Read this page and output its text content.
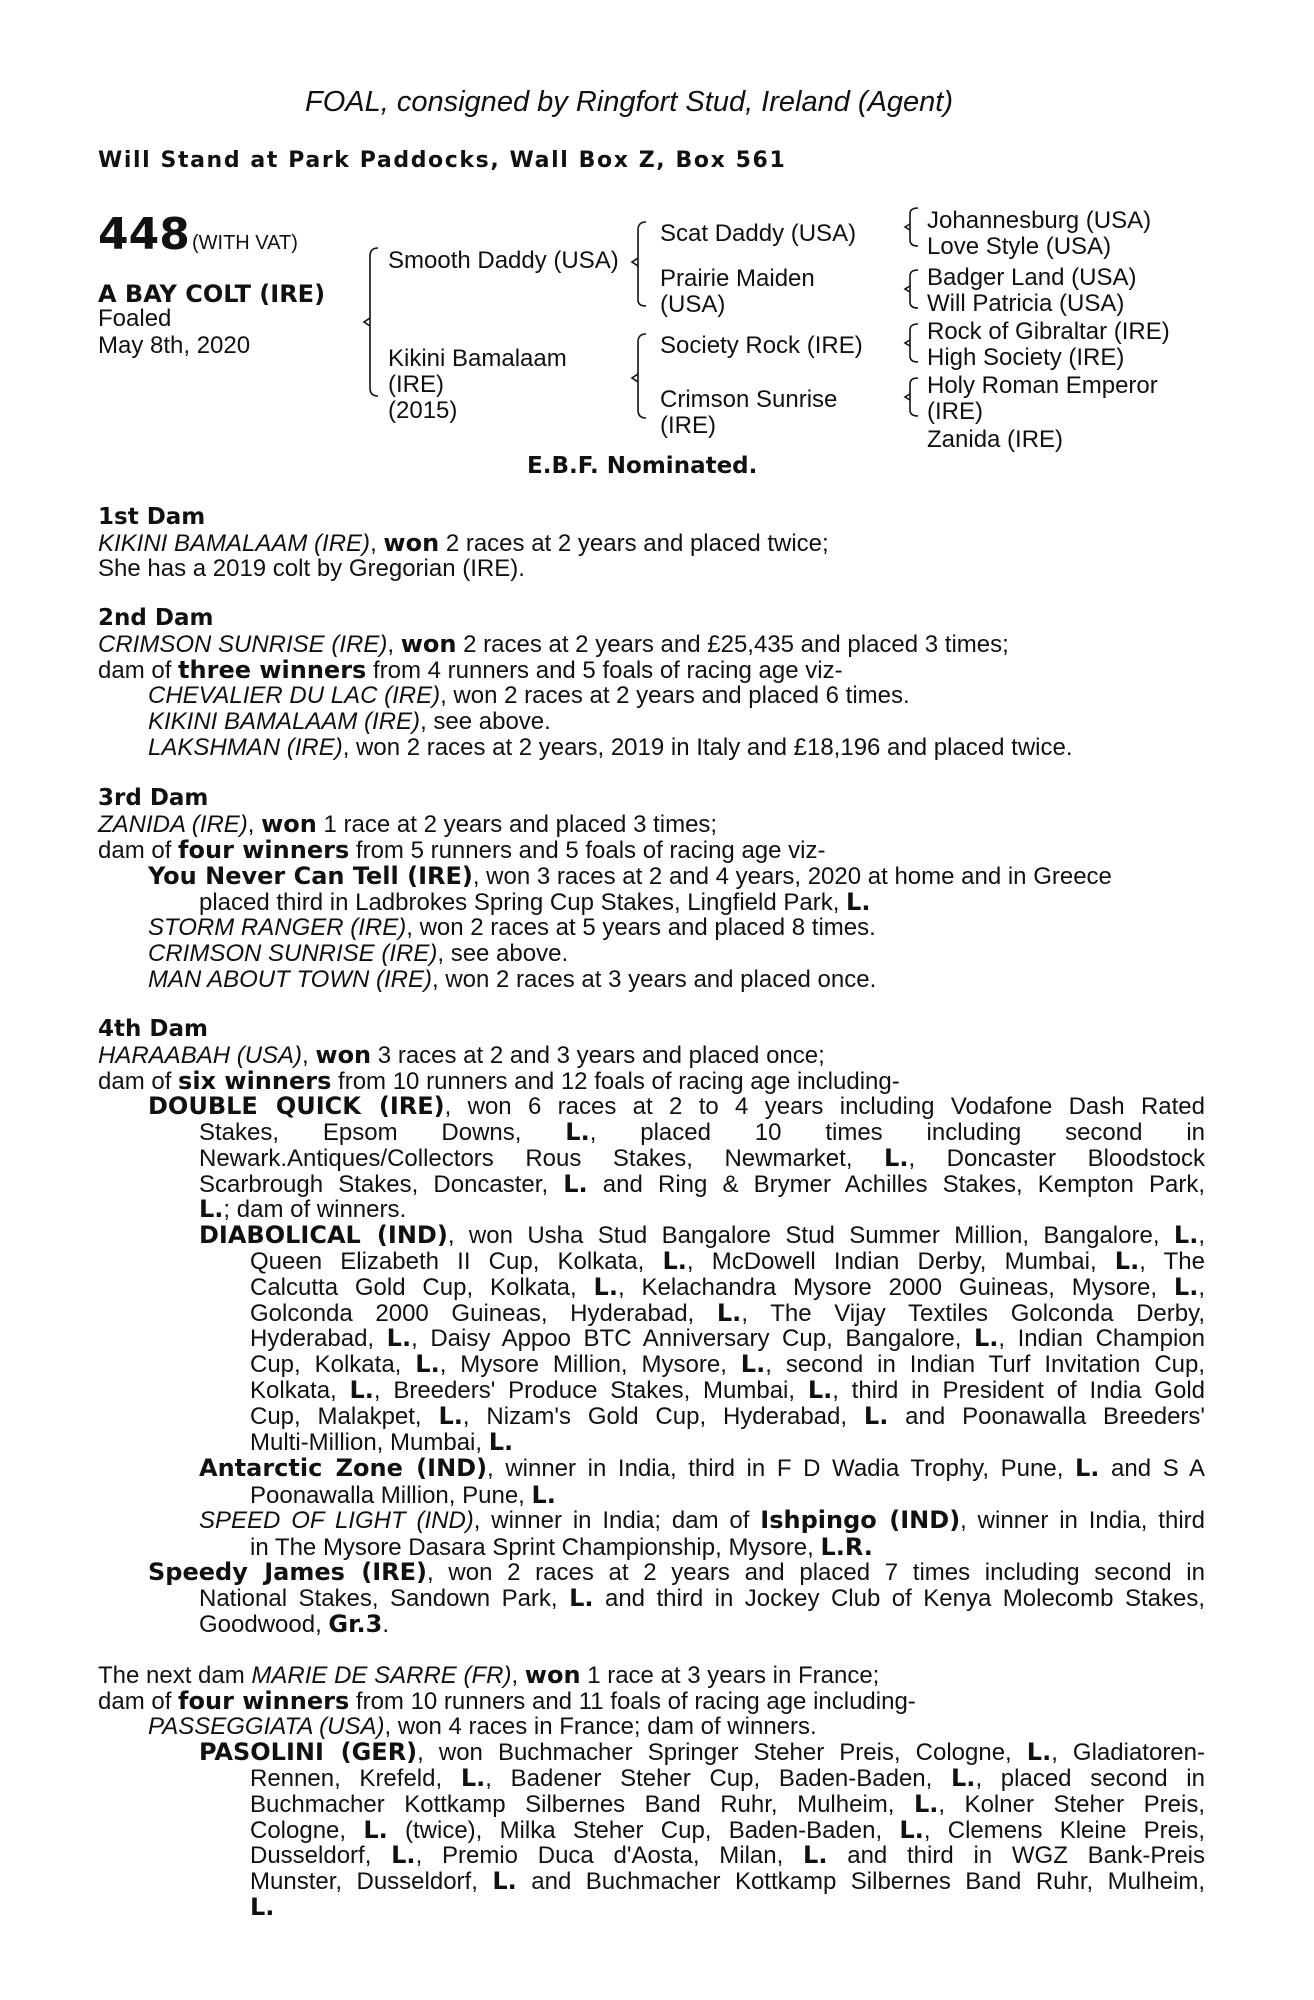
FOAL, consigned by Ringfort Stud, Ireland (Agent)
Will Stand at Park Paddocks, Wall Box Z, Box 561
448 (WITH VAT)
A BAY COLT (IRE)
Foaled
May 8th, 2020
Smooth Daddy (USA)
Kikini Bamalaam
(IRE)
(2015)
Scat Daddy (USA)
Prairie Maiden
(USA)
Society Rock (IRE)
Crimson Sunrise
(IRE)
Johannesburg (USA)
Love Style (USA)
Badger Land (USA)
Will Patricia (USA)
Rock of Gibraltar (IRE)
High Society (IRE)
Holy Roman Emperor
(IRE)
Zanida (IRE)
E.B.F. Nominated.
1st Dam
KIKINI BAMALAAM (IRE), won 2 races at 2 years and placed twice;
She has a 2019 colt by Gregorian (IRE).
2nd Dam
CRIMSON SUNRISE (IRE), won 2 races at 2 years and £25,435 and placed 3 times;
dam of three winners from 4 runners and 5 foals of racing age viz-
CHEVALIER DU LAC (IRE), won 2 races at 2 years and placed 6 times.
KIKINI BAMALAAM (IRE), see above.
LAKSHMAN (IRE), won 2 races at 2 years, 2019 in Italy and £18,196 and placed twice.
3rd Dam
ZANIDA (IRE), won 1 race at 2 years and placed 3 times;
dam of four winners from 5 runners and 5 foals of racing age viz-
You Never Can Tell (IRE), won 3 races at 2 and 4 years, 2020 at home and in Greece
placed third in Ladbrokes Spring Cup Stakes, Lingfield Park, L.
STORM RANGER (IRE), won 2 races at 5 years and placed 8 times.
CRIMSON SUNRISE (IRE), see above.
MAN ABOUT TOWN (IRE), won 2 races at 3 years and placed once.
4th Dam
HARAABAH (USA), won 3 races at 2 and 3 years and placed once;
dam of six winners from 10 runners and 12 foals of racing age including-
DOUBLE QUICK (IRE), won 6 races at 2 to 4 years including Vodafone Dash Rated
Stakes, Epsom Downs, L., placed 10 times including second in
Newark.Antiques/Collectors Rous Stakes, Newmarket, L., Doncaster Bloodstock
Scarbrough Stakes, Doncaster, L. and Ring & Brymer Achilles Stakes, Kempton Park,
L.; dam of winners.
DIABOLICAL (IND), won Usha Stud Bangalore Stud Summer Million, Bangalore, L.,
Queen Elizabeth II Cup, Kolkata, L., McDowell Indian Derby, Mumbai, L., The
Calcutta Gold Cup, Kolkata, L., Kelachandra Mysore 2000 Guineas, Mysore, L.,
Golconda 2000 Guineas, Hyderabad, L., The Vijay Textiles Golconda Derby,
Hyderabad, L., Daisy Appoo BTC Anniversary Cup, Bangalore, L., Indian Champion
Cup, Kolkata, L., Mysore Million, Mysore, L., second in Indian Turf Invitation Cup,
Kolkata, L., Breeders' Produce Stakes, Mumbai, L., third in President of India Gold
Cup, Malakpet, L., Nizam's Gold Cup, Hyderabad, L. and Poonawalla Breeders'
Multi-Million, Mumbai, L.
Antarctic Zone (IND), winner in India, third in F D Wadia Trophy, Pune, L. and S A
Poonawalla Million, Pune, L.
SPEED OF LIGHT (IND), winner in India; dam of Ishpingo (IND), winner in India, third
in The Mysore Dasara Sprint Championship, Mysore, L.R.
Speedy James (IRE), won 2 races at 2 years and placed 7 times including second in
National Stakes, Sandown Park, L. and third in Jockey Club of Kenya Molecomb Stakes,
Goodwood, Gr.3.
The next dam MARIE DE SARRE (FR), won 1 race at 3 years in France;
dam of four winners from 10 runners and 11 foals of racing age including-
PASSEGGIATA (USA), won 4 races in France; dam of winners.
PASOLINI (GER), won Buchmacher Springer Steher Preis, Cologne, L., Gladiatoren-
Rennen, Krefeld, L., Badener Steher Cup, Baden-Baden, L., placed second in
Buchmacher Kottkamp Silbernes Band Ruhr, Mulheim, L., Kolner Steher Preis,
Cologne, L. (twice), Milka Steher Cup, Baden-Baden, L., Clemens Kleine Preis,
Dusseldorf, L., Premio Duca d'Aosta, Milan, L. and third in WGZ Bank-Preis
Munster, Dusseldorf, L. and Buchmacher Kottkamp Silbernes Band Ruhr, Mulheim,
L.
